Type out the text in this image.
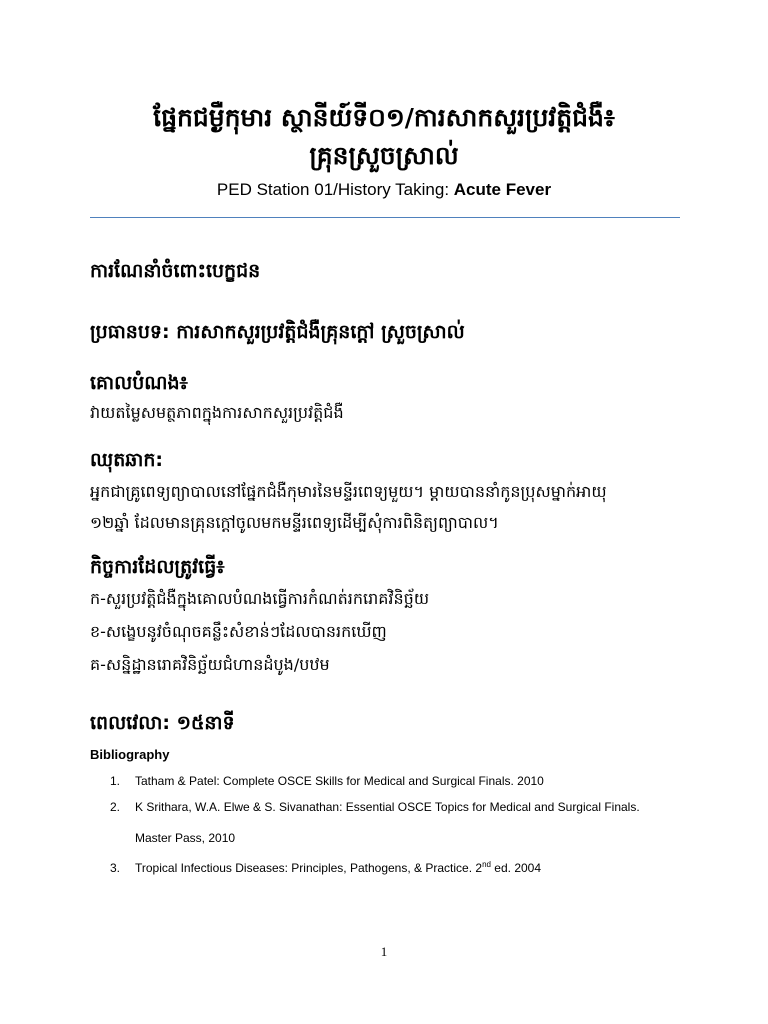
ផ្នែកជម្ងឺកុមារ ស្ថានីយ៍ទី០១/ការសាកសួរប្រវត្តិជំងឺ៖
គ្រុនស្រួចស្រាល់
PED Station 01/History Taking: Acute Fever
ការណែនាំចំពោះបេក្ខជន
ប្រធានបទ: ការសាកសួរប្រវត្តិជំងឺគ្រុនក្តៅ ស្រួចស្រាល់
គោលបំណង៖
វាយតម្លៃសមត្ថភាពក្នុងការសាកសួរប្រវត្តិជំងឺ
ឈុតឆាក:
អ្នកជាគ្រូពេទ្យព្យាបាលនៅផ្នែកជំងឺកុមារនៃមន្ទីរពេទ្យមួយ។ ម្តាយបាននាំកូនប្រុសម្នាក់អាយុ
១២ឆ្នាំ ដែលមានគ្រុនក្តៅចូលមកមន្ទីរពេទ្យដើម្បីសុំការពិនិត្យព្យាបាល។
កិច្ចការដែលត្រូវធ្វើ៖
ក-សួរប្រវត្តិជំងឺក្នុងគោលបំណងធ្វើការកំណត់រករោគវិនិច្ឆ័យ
ខ-សង្ខេបនូវចំណុចគន្លឹះសំខាន់ៗដែលបានរកឃើញ
គ-សន្និដ្ឋានរោគវិនិច្ឆ័យជំហានដំបូង/បឋម
ពេលវេលា: ១៥នាទី
Bibliography
1. Tatham & Patel: Complete OSCE Skills for Medical and Surgical Finals. 2010
2. K Srithara, W.A. Elwe & S. Sivanathan: Essential OSCE Topics for Medical and Surgical Finals.
Master Pass, 2010
3. Tropical Infectious Diseases: Principles, Pathogens, & Practice. 2nd ed. 2004
1
